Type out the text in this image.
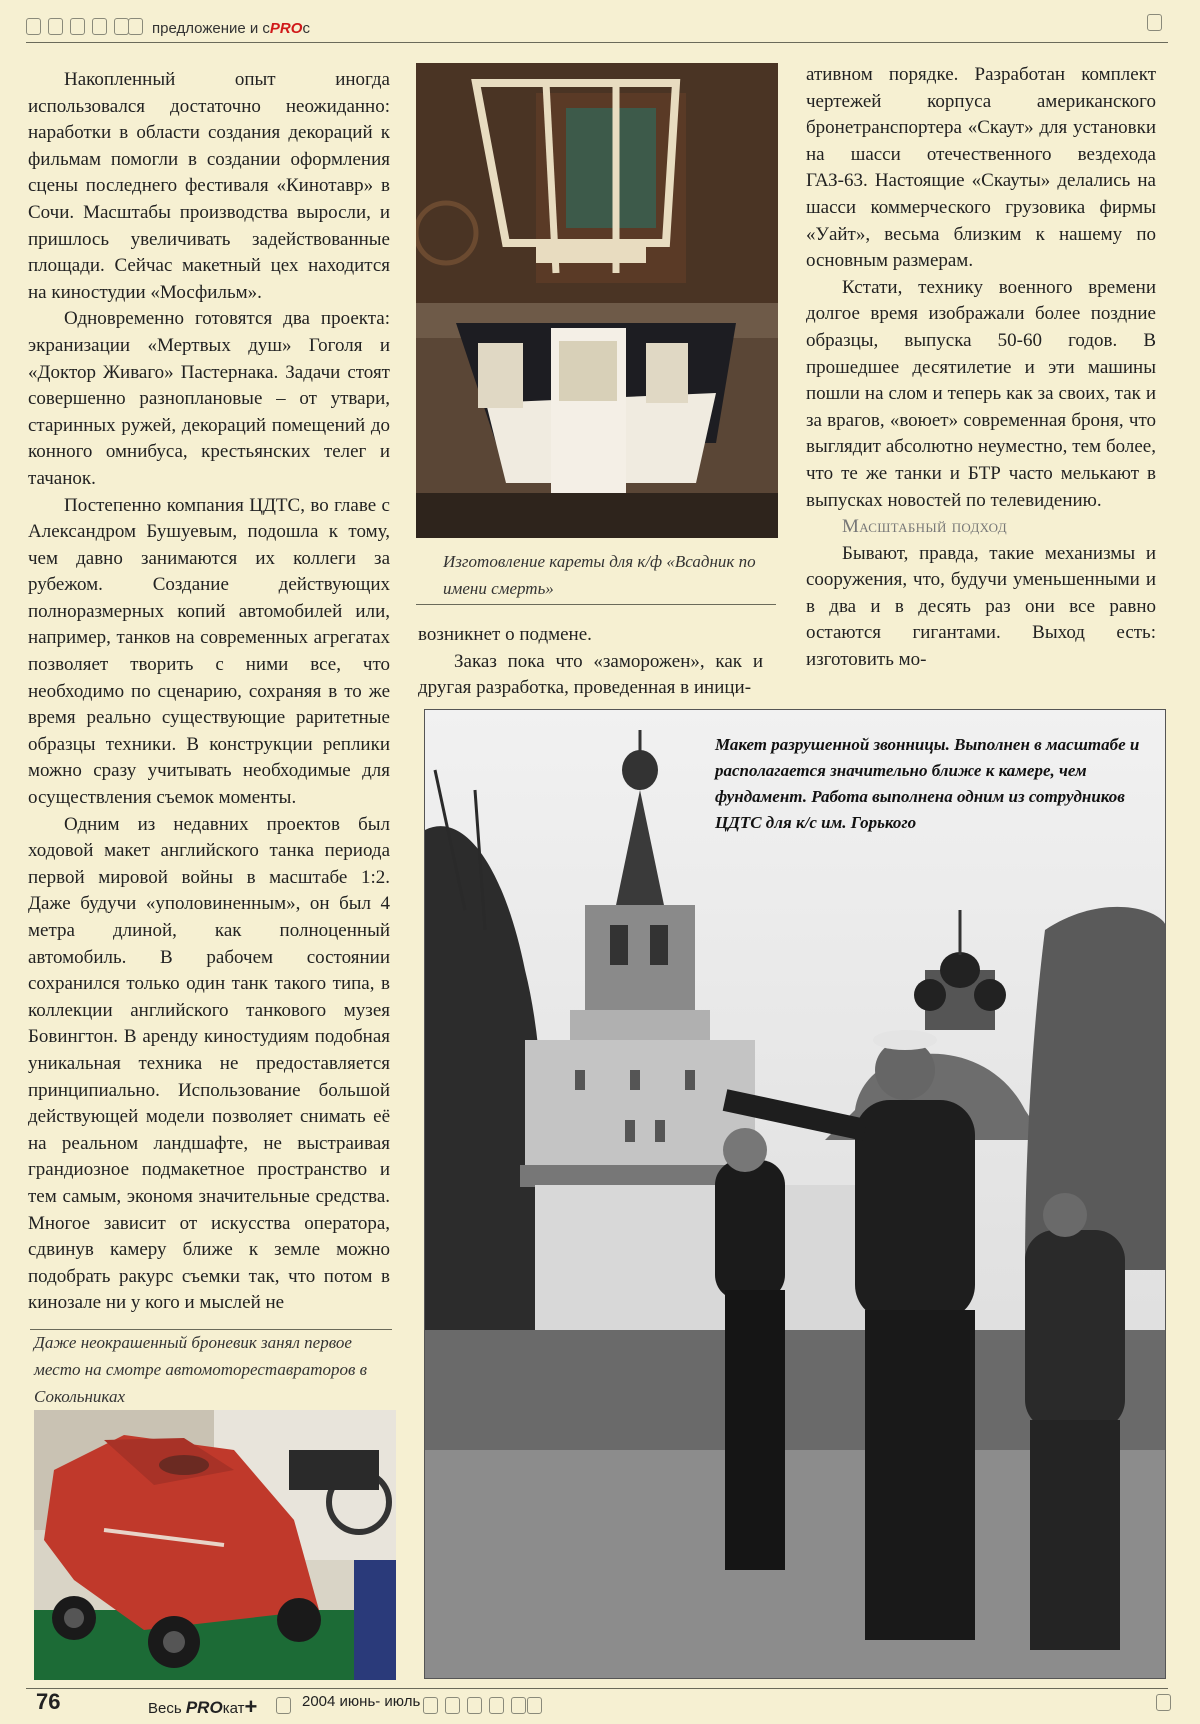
предложение и сPROс

Накопленный опыт иногда использовался достаточно неожиданно: наработки в области создания декораций к фильмам помогли в создании оформления сцены последнего фестиваля «Кинотавр» в Сочи. Масштабы производства выросли, и пришлось увеличивать задействованные площади. Сейчас макетный цех находится на киностудии «Мосфильм».

Одновременно готовятся два проекта: экранизации «Мертвых душ» Гоголя и «Доктор Живаго» Пастернака. Задачи стоят совершенно разноплановые – от утвари, старинных ружей, декораций помещений до конного омнибуса, крестьянских телег и тачанок.

Постепенно компания ЦДТС, во главе с Александром Бушуевым, подошла к тому, чем давно занимаются их коллеги за рубежом. Создание действующих полноразмерных копий автомобилей или, например, танков на современных агрегатах позволяет творить с ними все, что необходимо по сценарию, сохраняя в то же время реально существующие раритетные образцы техники. В конструкции реплики можно сразу учитывать необходимые для осуществления съемок моменты.

Одним из недавних проектов был ходовой макет английского танка периода первой мировой войны в масштабе 1:2. Даже будучи «уполовиненным», он был 4 метра длиной, как полноценный автомобиль. В рабочем состоянии сохранился только один танк такого типа, в коллекции английского танкового музея Бовингтон. В аренду киностудиям подобная уникальная техника не предоставляется принципиально. Использование большой действующей модели позволяет снимать её на реальном ландшафте, не выстраивая грандиозное подмакетное пространство и тем самым, экономя значительные средства. Многое зависит от искусства оператора, сдвинув камеру ближе к земле можно подобрать ракурс съемки так, что потом в кинозале ни у кого и мыслей не

Даже неокрашенный броневик занял первое место на смотре автомотореставраторов в Сокольниках
Изготовление кареты для к/ф «Всадник по имени смерть»

возникнет о подмене.

Заказ пока что «заморожен», как и другая разработка, проведенная в иници-

ативном порядке. Разработан комплект чертежей корпуса американского бронетранспортера «Скаут» для установки на шасси отечественного вездехода ГАЗ-63. Настоящие «Скауты» делались на шасси коммерческого грузовика фирмы «Уайт», весьма близким к нашему по основным размерам.

Кстати, технику военного времени долгое время изображали более поздние образцы, выпуска 50-60 годов. В прошедшее десятилетие и эти машины пошли на слом и теперь как за своих, так и за врагов, «воюет» современная броня, что выглядит абсолютно неуместно, тем более, что те же танки и БТР часто мелькают в выпусках новостей по телевидению.

Масштабный подход

Бывают, правда, такие механизмы и сооружения, что, будучи уменьшенными и в два и в десять раз они все равно остаются гигантами. Выход есть: изготовить мо-

Макет разрушенной звонницы. Выполнен в масштабе и располагается значительно ближе к камере, чем фундамент. Работа выполнена одним из сотрудников ЦДТС для к/с им. Горького
76	Весь PROкат+	2004 июнь- июль
